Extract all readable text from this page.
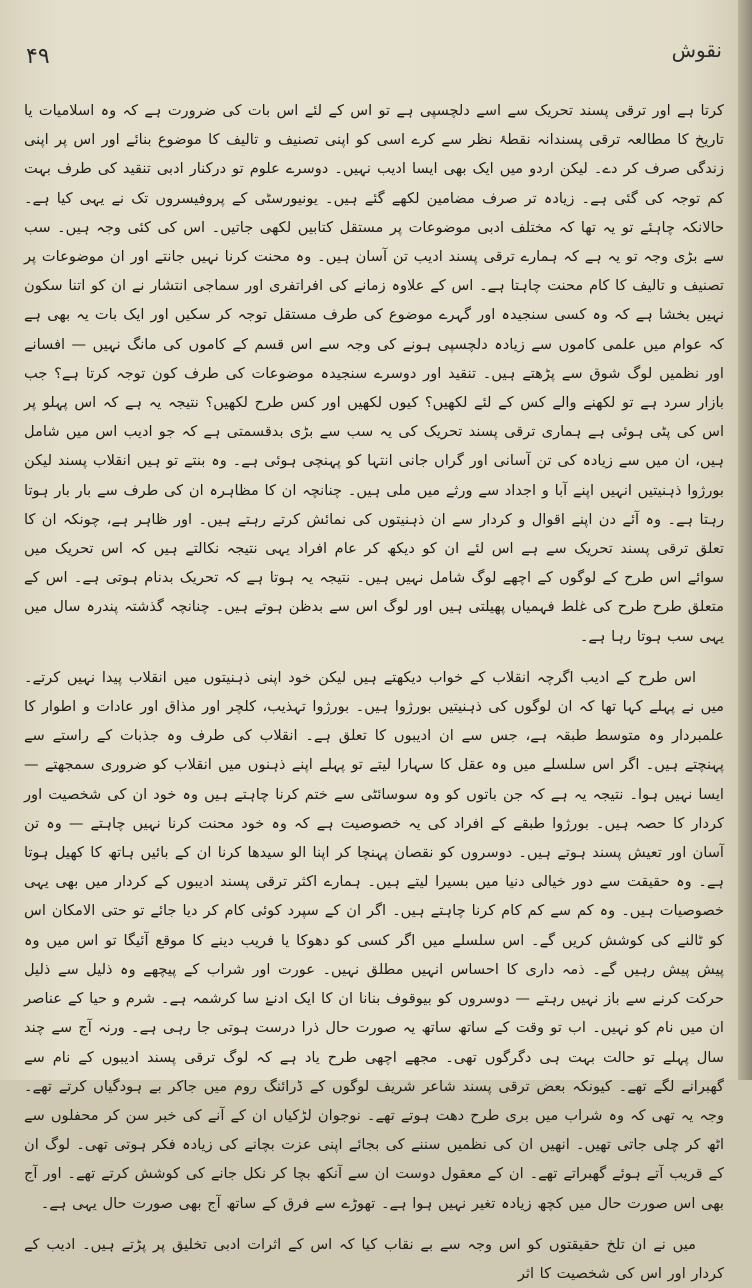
۴۹	نقوش

کرتا ہے اور ترقی پسند تحریک سے اسے دلچسپی ہے تو اس کے لئے اس بات کی ضرورت ہے کہ وہ اسلامیات یا تاریخ کا مطالعہ ترقی پسندانہ نقطۂ نظر سے کرے اسی کو اپنی تصنیف و تالیف کا موضوع بنائے اور اس پر اپنی زندگی صرف کر دے۔ لیکن اردو میں ایک بھی ایسا ادیب نہیں۔ دوسرے علوم تو درکنار ادبی تنقید کی طرف بہت کم توجہ کی گئی ہے۔ زیادہ تر صرف مضامین لکھے گئے ہیں۔ یونیورسٹی کے پروفیسروں تک نے یہی کیا ہے۔ حالانکہ چاہئے تو یہ تھا کہ مختلف ادبی موضوعات پر مستقل کتابیں لکھی جاتیں۔ اس کی کئی وجہ ہیں۔ سب سے بڑی وجہ تو یہ ہے کہ ہمارے ترقی پسند ادیب تن آسان ہیں۔ وہ محنت کرنا نہیں جانتے اور ان موضوعات پر تصنیف و تالیف کا کام محنت چاہتا ہے۔ اس کے علاوہ زمانے کی افراتفری اور سماجی انتشار نے ان کو اتنا سکون نہیں بخشا ہے کہ وہ کسی سنجیدہ اور گہرے موضوع کی طرف مستقل توجہ کر سکیں اور ایک بات یہ بھی ہے کہ عوام میں علمی کاموں سے زیادہ دلچسپی ہونے کی وجہ سے اس قسم کے کاموں کی مانگ نہیں — افسانے اور نظمیں لوگ شوق سے پڑھتے ہیں۔ تنقید اور دوسرے سنجیدہ موضوعات کی طرف کون توجہ کرتا ہے؟ جب بازار سرد ہے تو لکھنے والے کس کے لئے لکھیں؟ کیوں لکھیں اور کس طرح لکھیں؟ نتیجہ یہ ہے کہ اس پہلو پر اس کی پٹی ہوئی ہے ہماری ترقی پسند تحریک کی یہ سب سے بڑی بدقسمتی ہے کہ جو ادیب اس میں شامل ہیں، ان میں سے زیادہ کی تن آسانی اور گراں جانی انتہا کو پہنچی ہوئی ہے۔ وہ بنتے تو ہیں انقلاب پسند لیکن بورژوا ذہنیتیں انہیں اپنے آبا و اجداد سے ورثے میں ملی ہیں۔ چنانچہ ان کا مظاہرہ ان کی طرف سے بار بار ہوتا رہتا ہے۔ وہ آئے دن اپنے اقوال و کردار سے ان ذہنیتوں کی نمائش کرتے رہتے ہیں۔ اور ظاہر ہے، چونکہ ان کا تعلق ترقی پسند تحریک سے ہے اس لئے ان کو دیکھ کر عام افراد یہی نتیجہ نکالتے ہیں کہ اس تحریک میں سوائے اس طرح کے لوگوں کے اچھے لوگ شامل نہیں ہیں۔ نتیجہ یہ ہوتا ہے کہ تحریک بدنام ہوتی ہے۔ اس کے متعلق طرح طرح کی غلط فہمیاں پھیلتی ہیں اور لوگ اس سے بدظن ہوتے ہیں۔ چنانچہ گذشتہ پندرہ سال میں یہی سب ہوتا رہا ہے۔

اس طرح کے ادیب اگرچہ انقلاب کے خواب دیکھتے ہیں لیکن خود اپنی ذہنیتوں میں انقلاب پیدا نہیں کرتے۔ میں نے پہلے کہا تھا کہ ان لوگوں کی ذہنیتیں بورژوا ہیں۔ بورژوا تہذیب، کلچر اور مذاق اور عادات و اطوار کا علمبردار وہ متوسط طبقہ ہے، جس سے ان ادیبوں کا تعلق ہے۔ انقلاب کی طرف وہ جذبات کے راستے سے پہنچتے ہیں۔ اگر اس سلسلے میں وہ عقل کا سہارا لیتے تو پہلے اپنے ذہنوں میں انقلاب کو ضروری سمجھتے — ایسا نہیں ہوا۔ نتیجہ یہ ہے کہ جن باتوں کو وہ سوسائٹی سے ختم کرنا چاہتے ہیں وہ خود ان کی شخصیت اور کردار کا حصہ ہیں۔ بورژوا طبقے کے افراد کی یہ خصوصیت ہے کہ وہ خود محنت کرنا نہیں چاہتے — وہ تن آسان اور تعیش پسند ہوتے ہیں۔ دوسروں کو نقصان پہنچا کر اپنا الو سیدھا کرنا ان کے بائیں ہاتھ کا کھیل ہوتا ہے۔ وہ حقیقت سے دور خیالی دنیا میں بسیرا لیتے ہیں۔ ہمارے اکثر ترقی پسند ادیبوں کے کردار میں بھی یہی خصوصیات ہیں۔ وہ کم سے کم کام کرنا چاہتے ہیں۔ اگر ان کے سپرد کوئی کام کر دیا جائے تو حتی الامکان اس کو ٹالنے کی کوشش کریں گے۔ اس سلسلے میں اگر کسی کو دھوکا یا فریب دینے کا موقع آئیگا تو اس میں وہ پیش پیش رہیں گے۔ ذمہ داری کا احساس انہیں مطلق نہیں۔ عورت اور شراب کے پیچھے وہ ذلیل سے ذلیل حرکت کرنے سے باز نہیں رہتے — دوسروں کو بیوقوف بنانا ان کا ایک ادنےٰ سا کرشمہ ہے۔ شرم و حیا کے عناصر ان میں نام کو نہیں۔ اب تو وقت کے ساتھ ساتھ یہ صورت حال ذرا درست ہوتی جا رہی ہے۔ ورنہ آج سے چند سال پہلے تو حالت بہت ہی دگرگوں تھی۔ مجھے اچھی طرح یاد ہے کہ لوگ ترقی پسند ادیبوں کے نام سے گھبرانے لگے تھے۔ کیونکہ بعض ترقی پسند شاعر شریف لوگوں کے ڈرائنگ روم میں جاکر بے ہودگیاں کرتے تھے۔ وجہ یہ تھی کہ وہ شراب میں بری طرح دھت ہوتے تھے۔ نوجوان لڑکیاں ان کے آنے کی خبر سن کر محفلوں سے اٹھ کر چلی جاتی تھیں۔ انھیں ان کی نظمیں سننے کی بجائے اپنی عزت بچانے کی زیادہ فکر ہوتی تھی۔ لوگ ان کے قریب آتے ہوئے گھبراتے تھے۔ ان کے معقول دوست ان سے آنکھ بچا کر نکل جانے کی کوشش کرتے تھے۔ اور آج بھی اس صورت حال میں کچھ زیادہ تغیر نہیں ہوا ہے۔ تھوڑے سے فرق کے ساتھ آج بھی صورت حال یہی ہے۔

میں نے ان تلخ حقیقتوں کو اس وجہ سے بے نقاب کیا کہ اس کے اثرات ادبی تخلیق پر پڑتے ہیں۔ ادیب کے کردار اور اس کی شخصیت کا اثر
